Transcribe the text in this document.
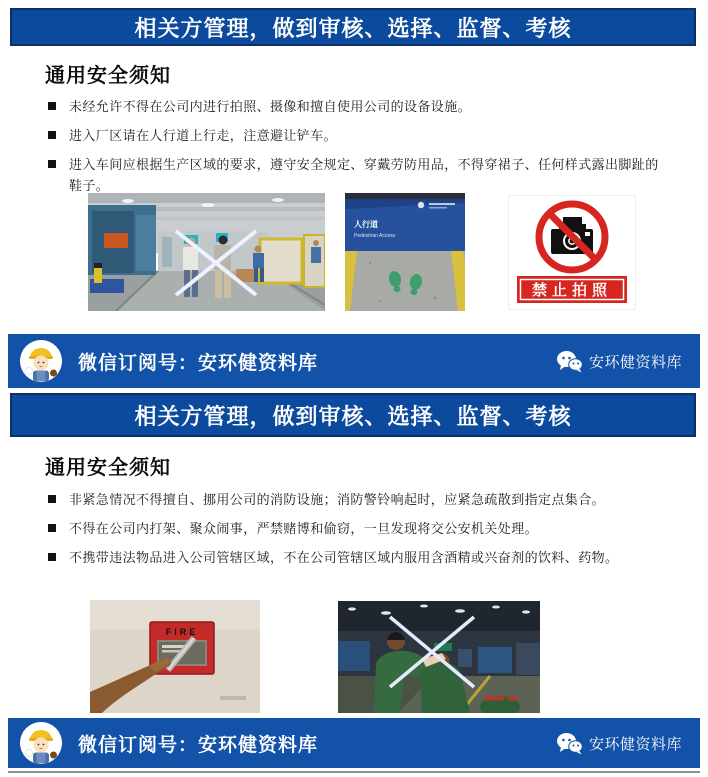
相关方管理，做到审核、选择、监督、考核
通用安全须知
未经允许不得在公司内进行拍照、摄像和擅自使用公司的设备设施。
进入厂区请在人行道上行走，注意避让铲车。
进入车间应根据生产区域的要求，遵守安全规定、穿戴劳防用品，不得穿裙子、任何样式露出脚趾的鞋子。
人行道
Pedestrian Access
禁止拍照
微信订阅号：安环健资料库	安环健资料库
相关方管理，做到审核、选择、监督、考核
通用安全须知
非紧急情况不得擅自、挪用公司的消防设施；消防警铃响起时，应紧急疏散到指定点集合。
不得在公司内打架、聚众闹事，严禁赌博和偷窃，一旦发现将交公安机关处理。
不携带违法物品进入公司管辖区域，不在公司管辖区域内服用含酒精或兴奋剂的饮料、药物。
FIRE
微信订阅号：安环健资料库	安环健资料库
